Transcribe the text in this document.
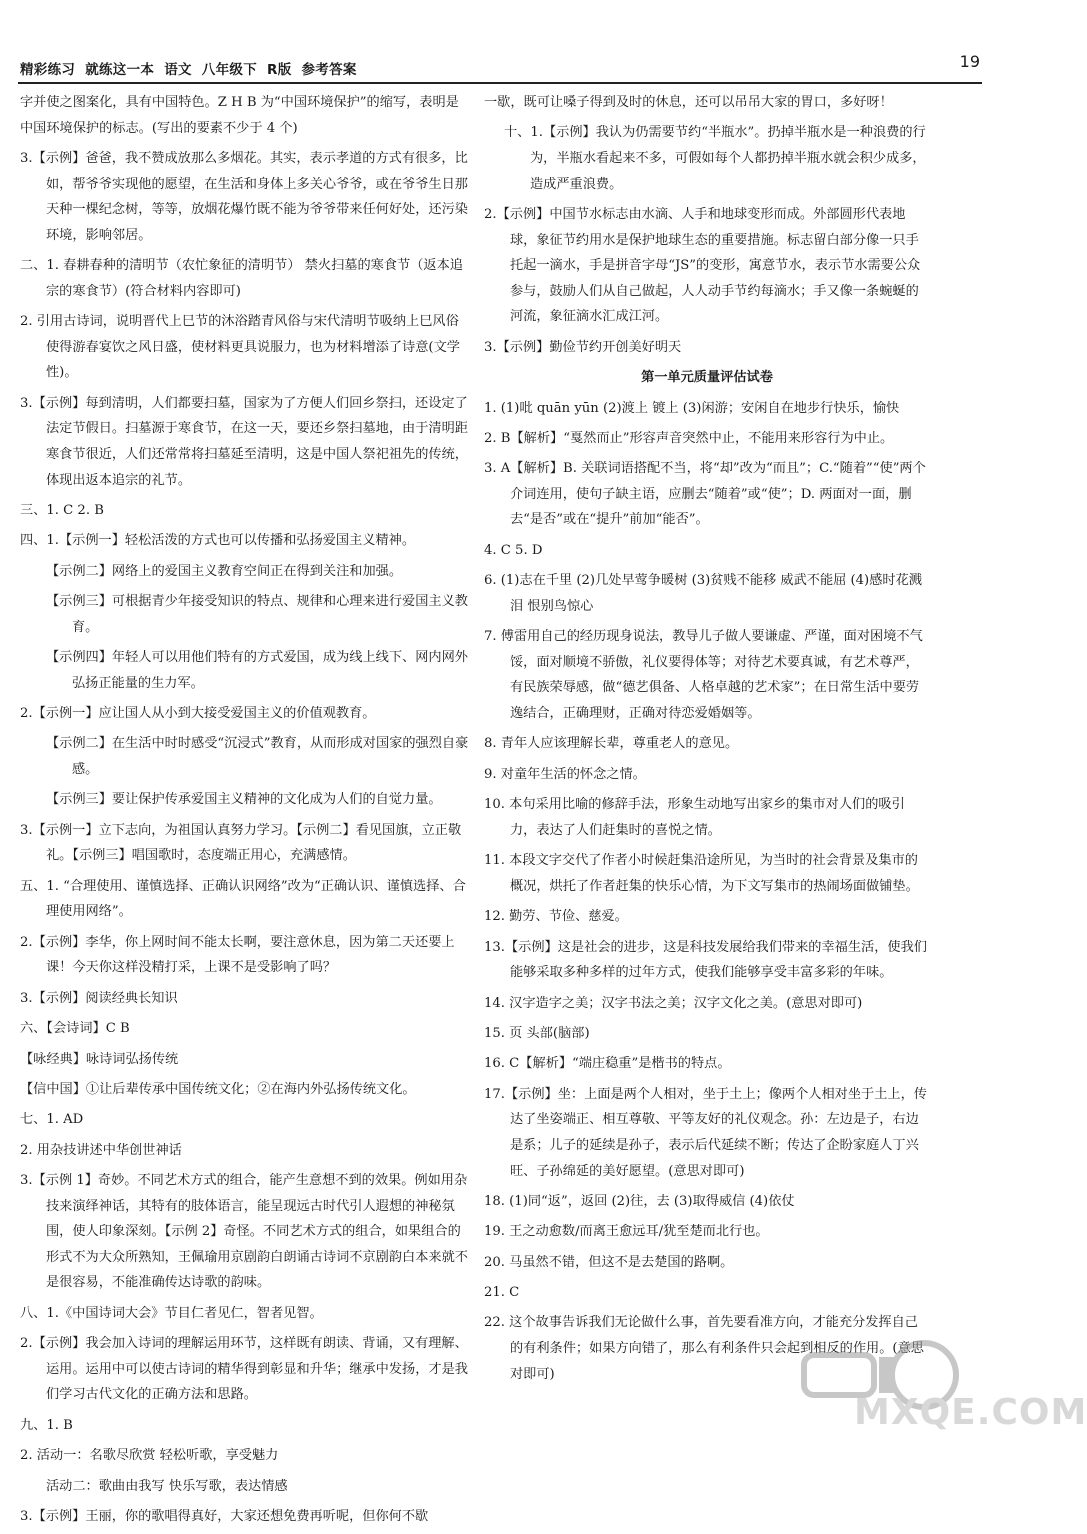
精彩练习  就练这一本  语文  八年级下  R版  参考答案	19
字并使之图案化，具有中国特色。Z H B 为“中国环境保护”的缩写，表明是中国环境保护的标志。(写出的要素不少于 4 个)
3.【示例】爸爸，我不赞成放那么多烟花。其实，表示孝道的方式有很多，比如，帮爷爷实现他的愿望，在生活和身体上多关心爷爷，或在爷爷生日那天种一棵纪念树，等等，放烟花爆竹既不能为爷爷带来任何好处，还污染环境，影响邻居。
二、1. 春耕春种的清明节（农忙象征的清明节） 禁火扫墓的寒食节（返本追宗的寒食节）(符合材料内容即可)
2. 引用古诗词，说明晋代上巳节的沐浴踏青风俗与宋代清明节吸纳上巳风俗使得游春宴饮之风日盛，使材料更具说服力，也为材料增添了诗意(文学性)。
3.【示例】每到清明，人们都要扫墓，国家为了方便人们回乡祭扫，还设定了法定节假日。扫墓源于寒食节，在这一天，要还乡祭扫墓地，由于清明距寒食节很近，人们还常常将扫墓延至清明，这是中国人祭祀祖先的传统，体现出返本追宗的礼节。
三、1. C 2. B
四、1.【示例一】轻松活泼的方式也可以传播和弘扬爱国主义精神。
【示例二】网络上的爱国主义教育空间正在得到关注和加强。
【示例三】可根据青少年接受知识的特点、规律和心理来进行爱国主义教育。
【示例四】年轻人可以用他们特有的方式爱国，成为线上线下、网内网外弘扬正能量的生力军。
2.【示例一】应让国人从小到大接受爱国主义的价值观教育。
【示例二】在生活中时时感受“沉浸式”教育，从而形成对国家的强烈自豪感。
【示例三】要让保护传承爱国主义精神的文化成为人们的自觉力量。
3.【示例一】立下志向，为祖国认真努力学习。【示例二】看见国旗，立正敬礼。【示例三】唱国歌时，态度端正用心，充满感情。
五、1. “合理使用、谨慎选择、正确认识网络”改为“正确认识、谨慎选择、合理使用网络”。
2.【示例】李华，你上网时间不能太长啊，要注意休息，因为第二天还要上课！今天你这样没精打采，上课不是受影响了吗？
3.【示例】阅读经典长知识
六、【会诗词】C B
【咏经典】咏诗词弘扬传统
【信中国】①让后辈传承中国传统文化；②在海内外弘扬传统文化。
七、1. AD
2. 用杂技讲述中华创世神话
3.【示例 1】奇妙。不同艺术方式的组合，能产生意想不到的效果。例如用杂技来演绎神话，其特有的肢体语言，能呈现远古时代引人遐想的神秘氛围，使人印象深刻。【示例 2】奇怪。不同艺术方式的组合，如果组合的形式不为大众所熟知，王佩瑜用京剧韵白朗诵古诗词不京剧韵白本来就不是很容易，不能准确传达诗歌的韵味。
八、1.《中国诗词大会》节目仁者见仁，智者见智。
2.【示例】我会加入诗词的理解运用环节，这样既有朗读、背诵，又有理解、运用。运用中可以使古诗词的精华得到彰显和升华；继承中发扬，才是我们学习古代文化的正确方法和思路。
九、1. B
2. 活动一：名歌尽欣赏 轻松听歌，享受魅力
活动二：歌曲由我写 快乐写歌，表达情感
3.【示例】王丽，你的歌唱得真好，大家还想免费再听呢，但你何不歇
一歇，既可让嗓子得到及时的休息，还可以吊吊大家的胃口，多好呀！
十、1.【示例】我认为仍需要节约“半瓶水”。扔掉半瓶水是一种浪费的行为，半瓶水看起来不多，可假如每个人都扔掉半瓶水就会积少成多，造成严重浪费。
2.【示例】中国节水标志由水滴、人手和地球变形而成。外部圆形代表地球，象征节约用水是保护地球生态的重要措施。标志留白部分像一只手托起一滴水，手是拼音字母“JS”的变形，寓意节水，表示节水需要公众参与，鼓励人们从自己做起，人人动手节约每滴水；手又像一条蜿蜒的河流，象征滴水汇成江河。
3.【示例】勤俭节约开创美好明天
第一单元质量评估试卷
1. (1)吡 quān yūn (2)渡上 镀上 (3)闲游；安闲自在地步行快乐，愉快
2. B【解析】“戛然而止”形容声音突然中止，不能用来形容行为中止。
3. A【解析】B. 关联词语搭配不当，将“却”改为“而且”；C.“随着”“使”两个介词连用，使句子缺主语，应删去“随着”或“使”；D. 两面对一面，删去“是否”或在“提升”前加“能否”。
4. C 5. D
6. (1)志在千里 (2)几处早莺争暖树 (3)贫贱不能移 威武不能屈 (4)感时花溅泪 恨别鸟惊心
7. 傅雷用自己的经历现身说法，教导儿子做人要谦虚、严谨，面对困境不气馁，面对顺境不骄傲，礼仪要得体等；对待艺术要真诚，有艺术尊严，有民族荣辱感，做“德艺俱备、人格卓越的艺术家”；在日常生活中要劳逸结合，正确理财，正确对待恋爱婚姻等。
8. 青年人应该理解长辈，尊重老人的意见。
9. 对童年生活的怀念之情。
10. 本句采用比喻的修辞手法，形象生动地写出家乡的集市对人们的吸引力，表达了人们赶集时的喜悦之情。
11. 本段文字交代了作者小时候赶集沿途所见，为当时的社会背景及集市的概况，烘托了作者赶集的快乐心情，为下文写集市的热闹场面做铺垫。
12. 勤劳、节俭、慈爱。
13.【示例】这是社会的进步，这是科技发展给我们带来的幸福生活，使我们能够采取多种多样的过年方式，使我们能够享受丰富多彩的年味。
14. 汉字造字之美；汉字书法之美；汉字文化之美。(意思对即可)
15. 页 头部(脑部)
16. C【解析】“端庄稳重”是楷书的特点。
17.【示例】坐：上面是两个人相对，坐于土上；像两个人相对坐于土上，传达了坐姿端正、相互尊敬、平等友好的礼仪观念。孙：左边是子，右边是系；儿子的延续是孙子，表示后代延续不断；传达了企盼家庭人丁兴旺、子孙绵延的美好愿望。(意思对即可)
18. (1)同“返”，返回 (2)往，去 (3)取得威信 (4)依仗
19. 王之动愈数/而离王愈远耳/犹至楚而北行也。
20. 马虽然不错，但这不是去楚国的路啊。
21. C
22. 这个故事告诉我们无论做什么事，首先要看准方向，才能充分发挥自己的有利条件；如果方向错了，那么有利条件只会起到相反的作用。(意思对即可)
MXQE.COM
